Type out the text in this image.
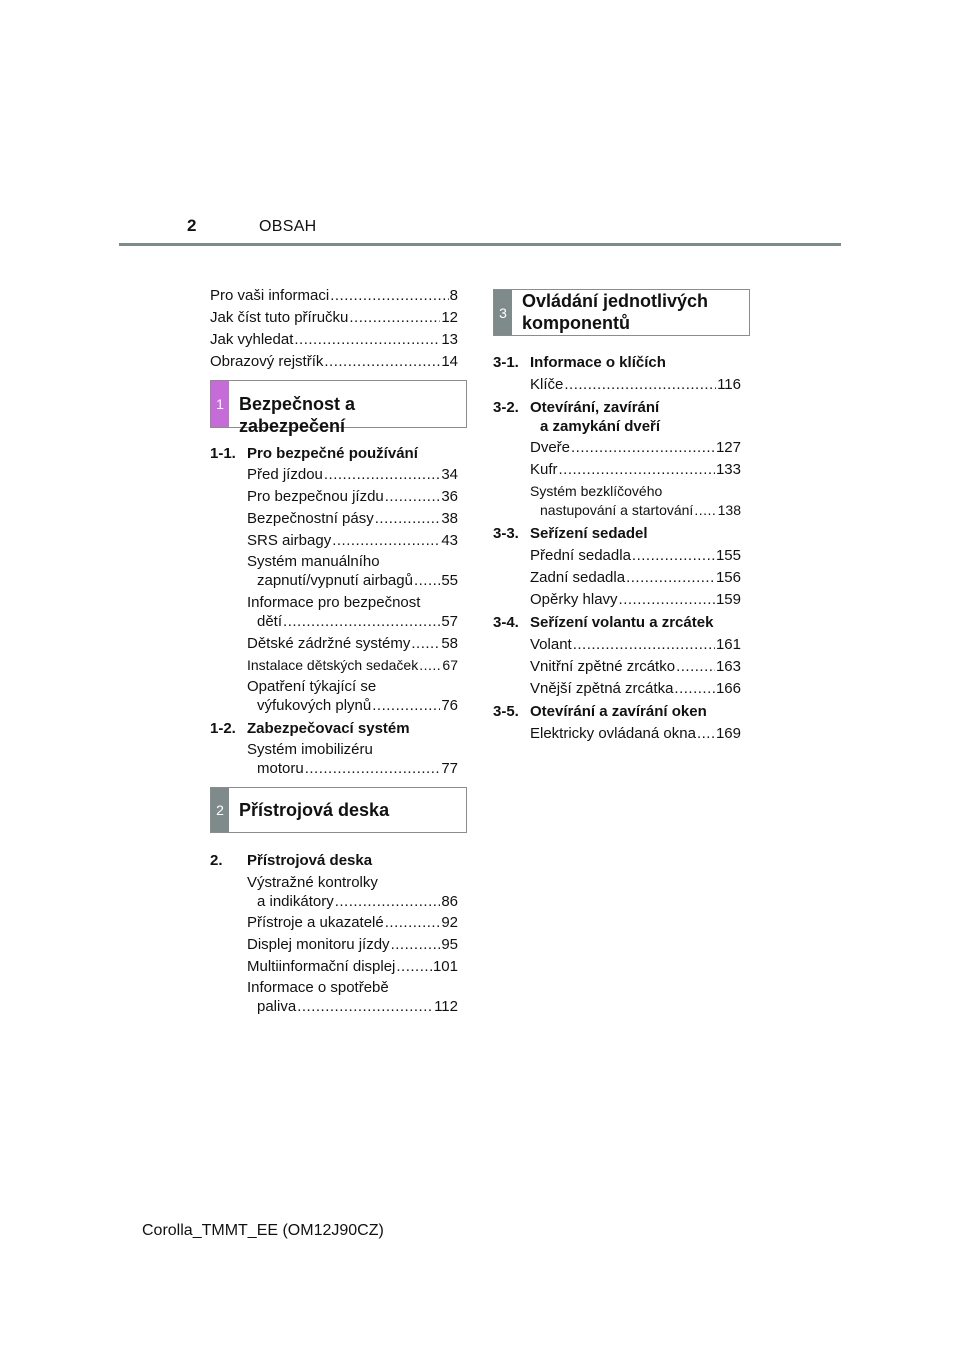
2	OBSAH
Pro vaši informaci .....	8
Jak číst tuto příručku .....	12
Jak vyhledat .....	13
Obrazový rejstřík .....	14
1 Bezpečnost a zabezpečení
1-1. Pro bezpečné používání
Před jízdou .....	34
Pro bezpečnou jízdu .....	36
Bezpečnostní pásy .....	38
SRS airbagy .....	43
Systém manuálního
zapnutí/vypnutí airbagů ..... 55
Informace pro bezpečnost
dětí .....	57
Dětské zádržné systémy ..... 58
Instalace dětských sedaček ..... 67
Opatření týkající se
výfukových plynů .....	76
1-2. Zabezpečovací systém
Systém imobilizéru
motoru .....	77
2 Přístrojová deska
2. Přístrojová deska
Výstražné kontrolky
a indikátory .....	86
Přístroje a ukazatelé .....	92
Displej monitoru jízdy .....	95
Multiinformační displej .....	101
Informace o spotřebě
paliva .....	112
3
Ovládání jednotlivých
komponentů
3-1. Informace o klíčích
Klíče .....	116
3-2. Otevírání, zavírání
a zamykání dveří
Dveře .....	127
Kufr .....	133
Systém bezklíčového
nastupování a startování ..... 138
3-3. Seřízení sedadel
Přední sedadla .....	155
Zadní sedadla .....	156
Opěrky hlavy .....	159
3-4. Seřízení volantu a zrcátek
Volant .....	161
Vnitřní zpětné zrcátko .....	163
Vnější zpětná zrcátka .....	166
3-5. Otevírání a zavírání oken
Elektricky ovládaná okna ..... 169
Corolla_TMMT_EE (OM12J90CZ)
